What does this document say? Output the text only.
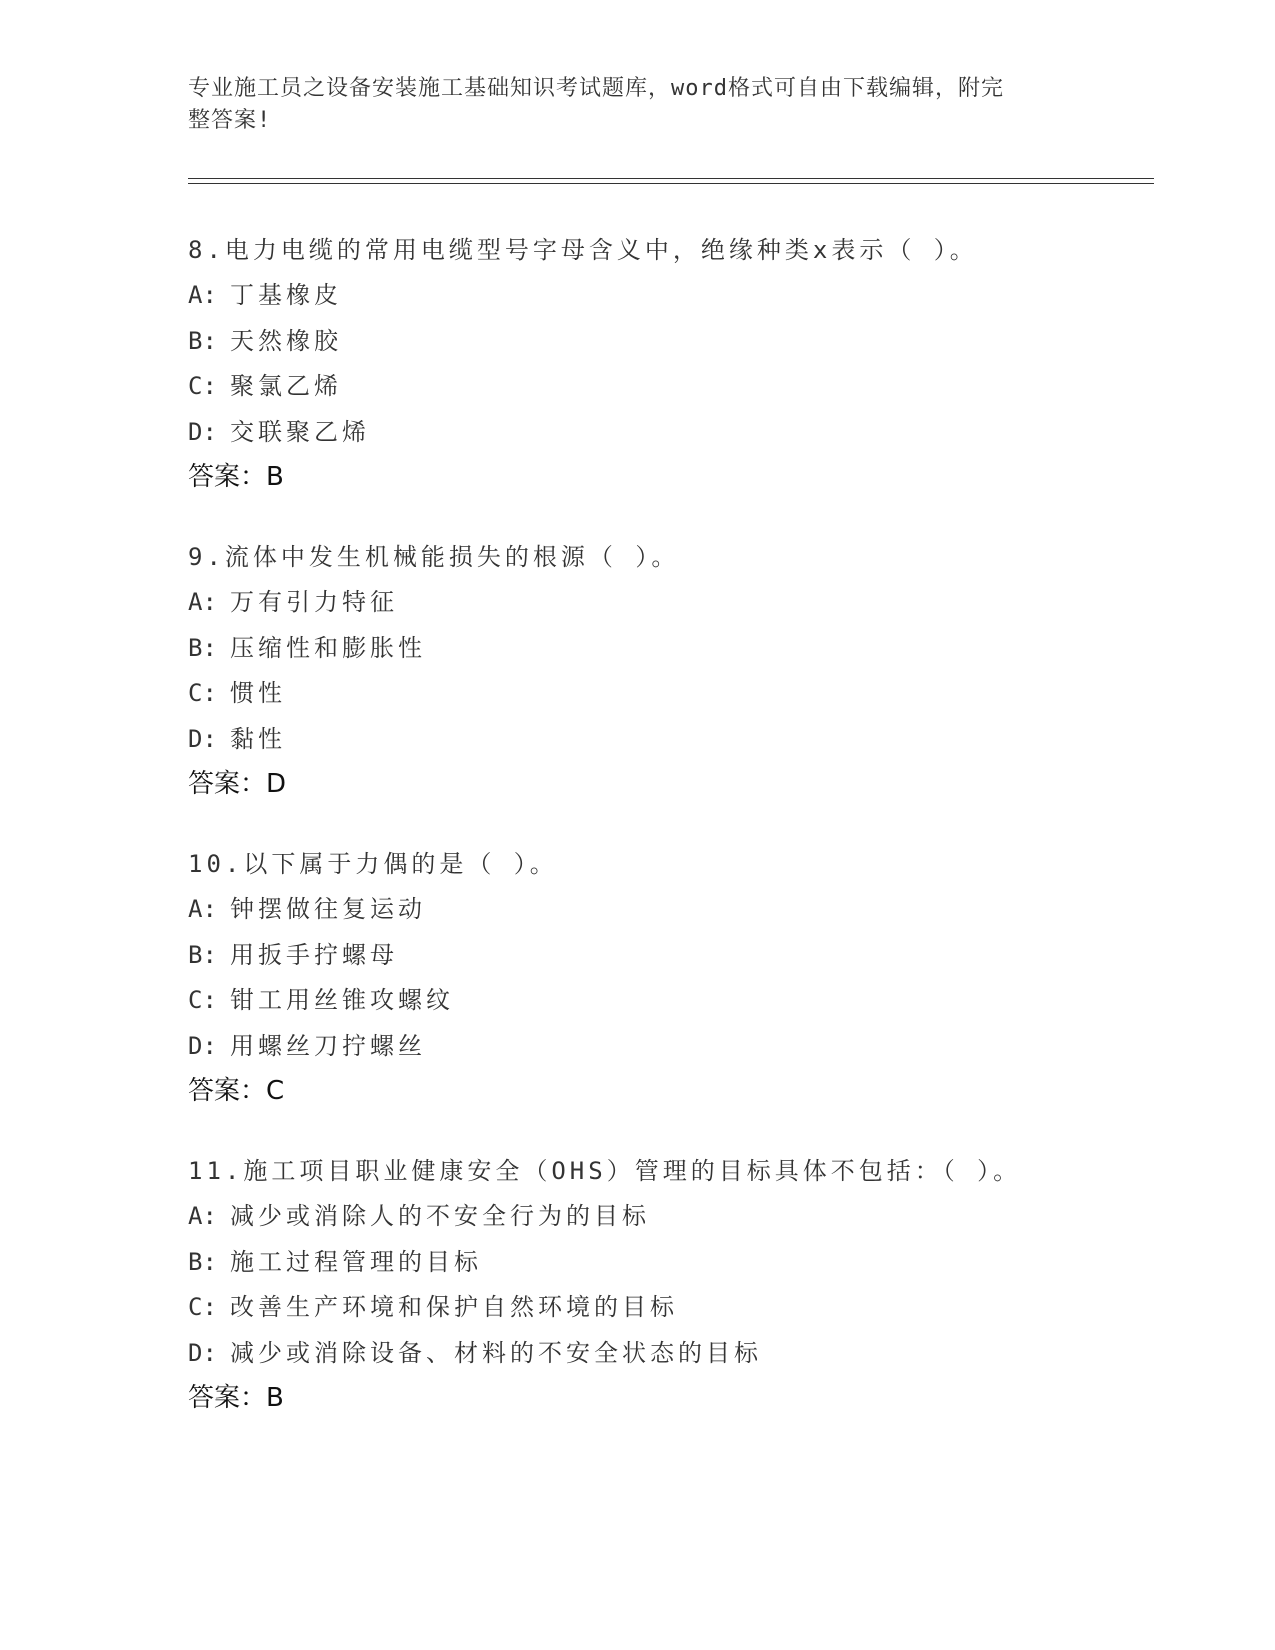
专业施工员之设备安装施工基础知识考试题库，word格式可自由下载编辑，附完
整答案!
8.电力电缆的常用电缆型号字母含义中，绝缘种类x表示（ ）。
A: 丁基橡皮
B: 天然橡胶
C: 聚氯乙烯
D: 交联聚乙烯
答案：B
9.流体中发生机械能损失的根源（ ）。
A: 万有引力特征
B: 压缩性和膨胀性
C: 惯性
D: 黏性
答案：D
10.以下属于力偶的是（ ）。
A: 钟摆做往复运动
B: 用扳手拧螺母
C: 钳工用丝锥攻螺纹
D: 用螺丝刀拧螺丝
答案：C
11.施工项目职业健康安全（OHS）管理的目标具体不包括：（ ）。
A: 减少或消除人的不安全行为的目标
B: 施工过程管理的目标
C: 改善生产环境和保护自然环境的目标
D: 减少或消除设备、材料的不安全状态的目标
答案：B
